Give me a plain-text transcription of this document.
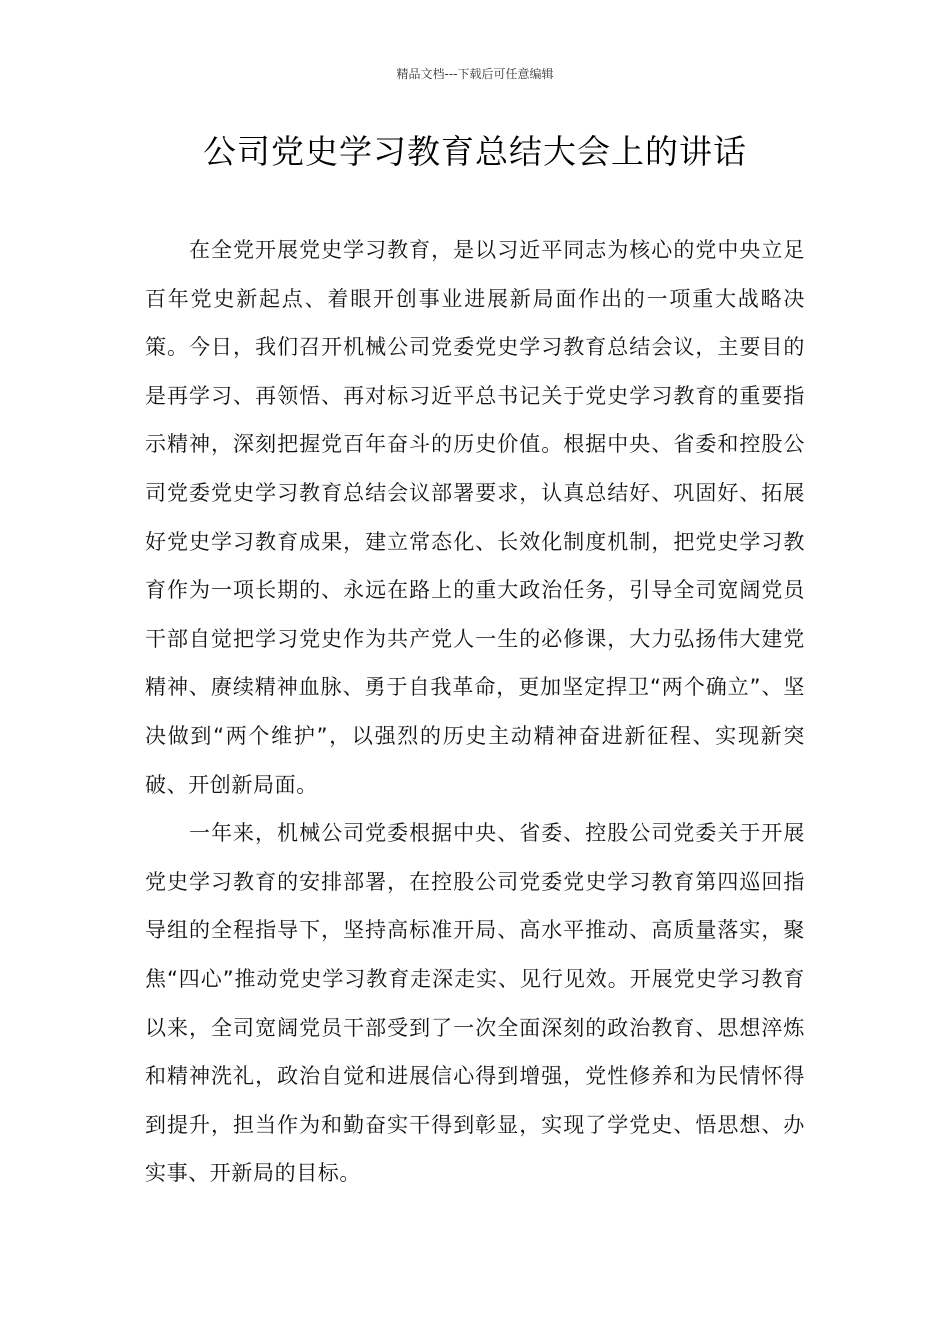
精品文档---下载后可任意编辑
公司党史学习教育总结大会上的讲话

在全党开展党史学习教育，是以习近平同志为核心的党中央立足百年党史新起点、着眼开创事业进展新局面作出的一项重大战略决策。今日，我们召开机械公司党委党史学习教育总结会议，主要目的是再学习、再领悟、再对标习近平总书记关于党史学习教育的重要指示精神，深刻把握党百年奋斗的历史价值。根据中央、省委和控股公司党委党史学习教育总结会议部署要求，认真总结好、巩固好、拓展好党史学习教育成果，建立常态化、长效化制度机制，把党史学习教育作为一项长期的、永远在路上的重大政治任务，引导全司宽阔党员干部自觉把学习党史作为共产党人一生的必修课，大力弘扬伟大建党精神、赓续精神血脉、勇于自我革命，更加坚定捍卫“两个确立”、坚决做到“两个维护”，以强烈的历史主动精神奋进新征程、实现新突破、开创新局面。

一年来，机械公司党委根据中央、省委、控股公司党委关于开展党史学习教育的安排部署，在控股公司党委党史学习教育第四巡回指导组的全程指导下，坚持高标准开局、高水平推动、高质量落实，聚焦“四心”推动党史学习教育走深走实、见行见效。开展党史学习教育以来，全司宽阔党员干部受到了一次全面深刻的政治教育、思想淬炼和精神洗礼，政治自觉和进展信心得到增强，党性修养和为民情怀得到提升，担当作为和勤奋实干得到彰显，实现了学党史、悟思想、办实事、开新局的目标。
